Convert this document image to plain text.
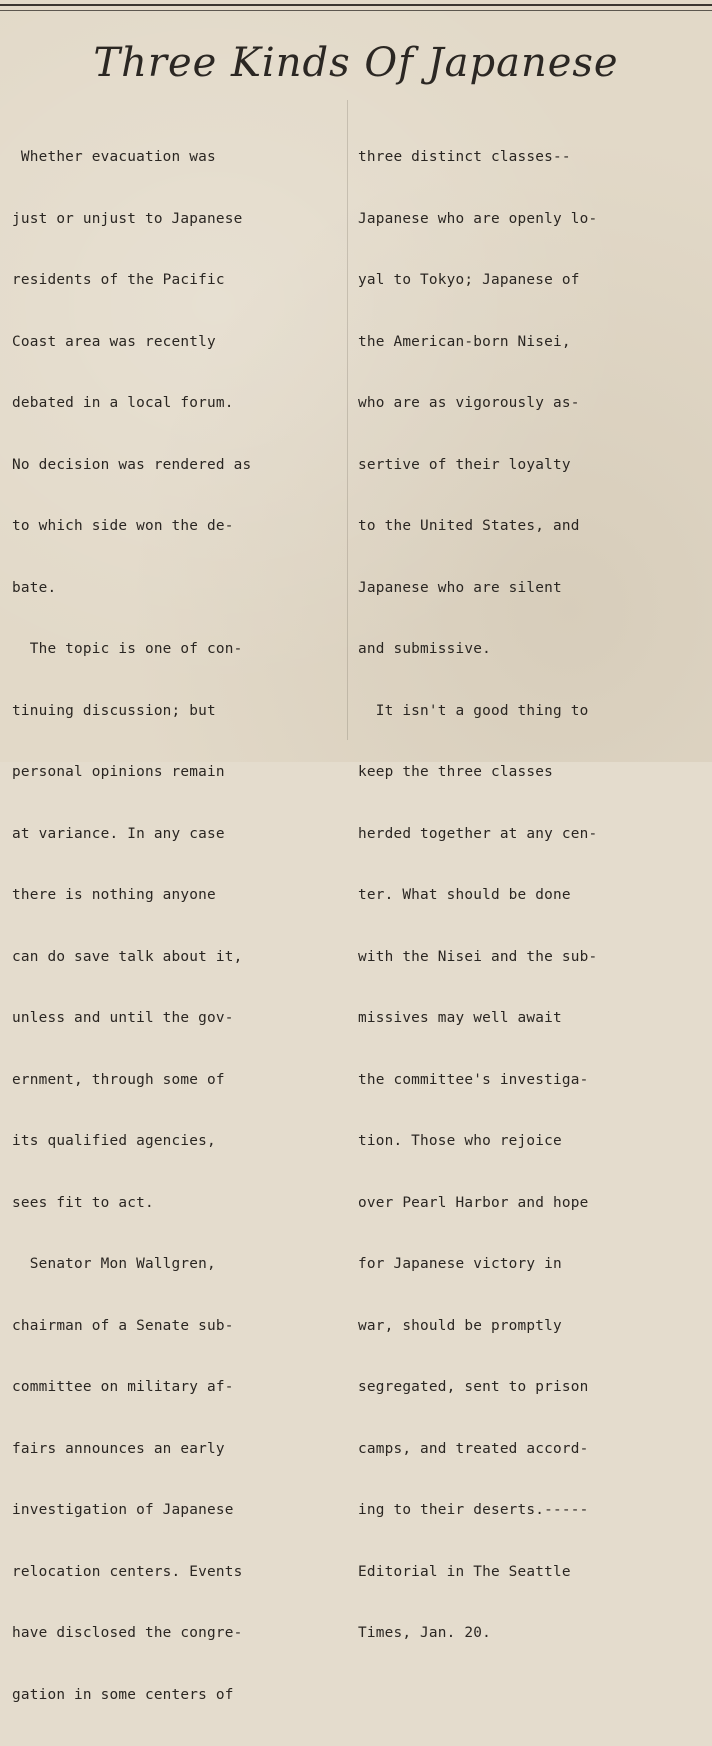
Three Kinds Of Japanese

Whether evacuation was

just or unjust to Japanese

residents of the Pacific

Coast area was recently

debated in a local forum.

No decision was rendered as

to which side won the de-

bate.

The topic is one of con-

tinuing discussion; but

personal opinions remain

at variance. In any case

there is nothing anyone

can do save talk about it,

unless and until the gov-

ernment, through some of

its qualified agencies,

sees fit to act.

Senator Mon Wallgren,

chairman of a Senate sub-

committee on military af-

fairs announces an early

investigation of Japanese

relocation centers. Events

have disclosed the congre-

gation in some centers of

three distinct classes--

Japanese who are openly lo-

yal to Tokyo; Japanese of

the American-born Nisei,

who are as vigorously as-

sertive of their loyalty

to the United States, and

Japanese who are silent

and submissive.

It isn't a good thing to

keep the three classes

herded together at any cen-

ter. What should be done

with the Nisei and the sub-

missives may well await

the committee's investiga-

tion. Those who rejoice

over Pearl Harbor and hope

for Japanese victory in

war, should be promptly

segregated, sent to prison

camps, and treated accord-

ing to their deserts.-----

Editorial in The Seattle

Times, Jan. 20.
